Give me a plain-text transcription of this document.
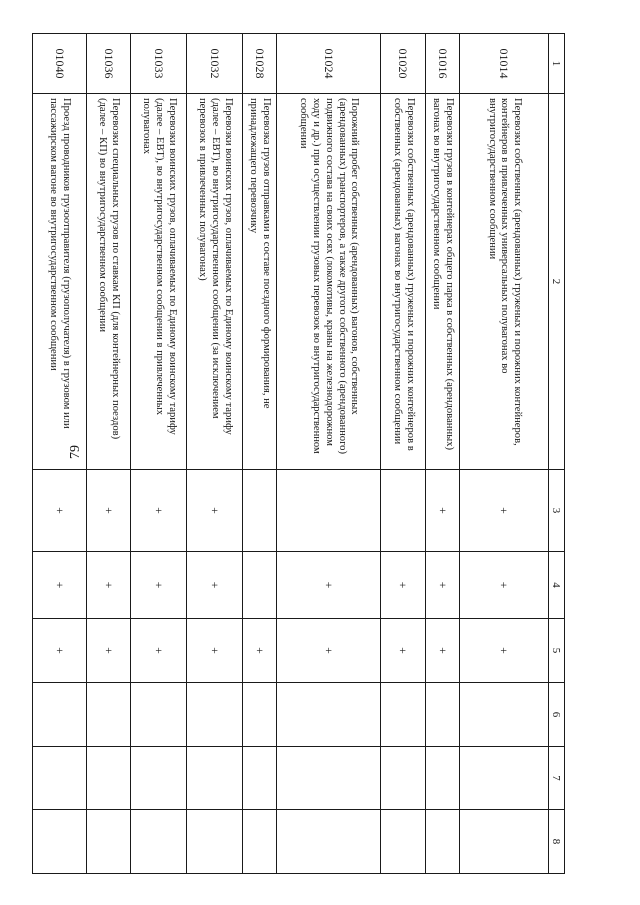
79
1	2	3	4	5	6	7	8
01014	Перевозки собственных (арендованных) груженых и порожних контейнеров, контейнеров в привлеченных универсальных полувагонах во внутригосударственном сообщении	+	+	+			
01016	Перевозки грузов в контейнерах общего парка в собственных (арендованных) вагонах во внутригосударственном сообщении	+	+	+			
01020	Перевозки собственных (арендованных) груженых и порожних контейнеров в собственных (арендованных) вагонах во внутригосударственном сообщении		+	+			
01024	Порожний пробег собственных (арендованных) вагонов, собственных (арендованных) транспортеров, а также другого собственного (арендованного) подвижного состава на своих осях (локомотивы, краны на железнодорожном ходу и др.) при осуществлении грузовых перевозок во внутригосударственном сообщении		+	+			
01028	Перевозка грузов отправками в составе поездного формирования, не принадлежащего перевозчику			+			
01032	Перевозки воинских грузов, оплачиваемых по Единому воинскому тарифу (далее – ЕВТ), во внутригосударственном сообщении (за исключением перевозок в привлеченных полувагонах)	+	+	+			
01033	Перевозки воинских грузов, оплачиваемых по Единому воинскому тарифу (далее – ЕВТ), во внутригосударственном сообщении в привлеченных полувагонах	+	+	+			
01036	Перевозки специальных грузов по ставкам КП (для контейнерных поездов) (далее – КП) во внутригосударственном сообщении	+	+	+			
01040	Проезд проводников грузоотправителя (грузополучателя) в грузовом или пассажирском вагоне во внутригосударственном сообщении	+	+	+			
